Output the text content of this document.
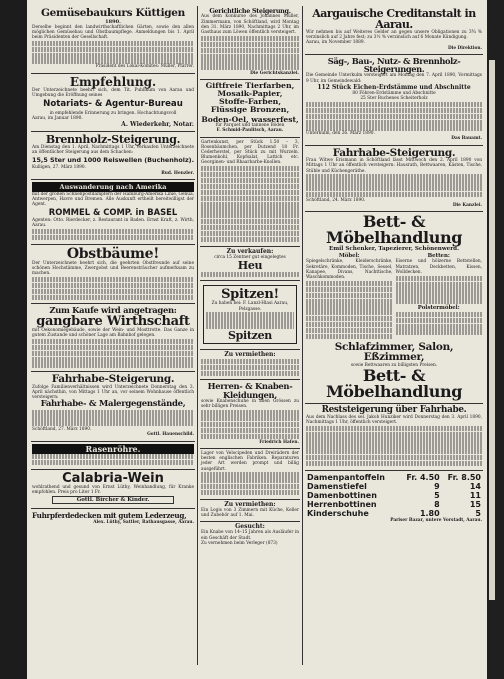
Gemüsebaukurs Küttigen
1890.
Derselbe beginnt den landwirthschaftlichen Gärten, sowie den allen möglichen Gemüsebau und Obstbaumpflege. Anmeldungen bis 1. April beim Präsidenten der Gesellschaft.
Präsident des Lokal-Komites: Müller, Pfarrer.
Empfehlung.
Der Unterzeichnete beehrt sich, dem Tit. Publikum von Aarau und Umgebung die Eröffnung seines
Notariats- & Agentur-Bureau
in empfehlende Erinnerung zu bringen. Hochachtungsvoll
Aarau, im Januar 1890.
A. Wiederkehr, Notar.
Brennholz-Steigerung.
Am Dienstag den 1. April, Nachmittags 1 Uhr, verkaufen Unterzeichnete an öffentlicher Steigerung aus dem Schachen:
15,5 Ster und 1000 Reiswellen (Buchenholz).
Kulligen, 27. März 1890.
Rud. Henzler.
Auswanderung nach Amerika
mit der großen Schnellpostdampfern der Hamburg-Amerika Linie, Genua, Antwerpen, Havre und Bremen. Alle Auskunft ertheilt bereitwilligst der Agent.
ROMMEL & COMP. in BASEL
Agenten: Otto. Rierdecker, z. Restaurant in Baden. Ernst Kraft, z. Wirth, Aarau.
Obstbäume!
Der Unterzeichnete beehrt sich, die geehrten Obstfreunde auf seine schönen Hochstämme, Zwergobst und Beerensträucher aufmerksam zu machen.
Zum Kaufe wird angetragen:
gangbare Wirthschaft
mit Oekonomiegebäude, sowie der Wein- und Mosttrotte. Das Ganze in gutem Zustande und schöner Lage am Bahnhof gelegen.
Fahrhabe-Steigerung.
Zufolge Familienverhältnissen wird Unterzeichnete Donnerstag den 3. April nächsthin, von Mittags 1 Uhr an, vor seinem Wohnhause öffentlich versteigern:
Fahrhabe- & Malergegenstände,
Schöftland, 27. März 1890.
Gottl. Hauenschild.
Rasenröhre.
Calabria-Wein
wohlrathend und gesund von Ernst Lüthy, Weinhandlung, für Kranke empfohlen. Preis pro Liter 1 Fr.
Gottl. Bircher & Kinder.
Fuhrpferdedecken mit gutem Lederzeug,
Alex. Lüthy, Sattler, Rathausgasse, Aarau.
Gerichtliche Steigerung.
Aus dem Konkurse des Johannes Müller, Zimmermann, von Schöftland, wird Montag den 31. März 1890, Nachmittags 2 Uhr, im Gasthaus zum Löwen öffentlich versteigert.
Die Gerichtskanzlei.
Giftfreie Tierfarben,
Mosaik-Papier,
Stoffe-Farben,
Flüssige Bronzen,
Boden-Oel, wasserfest,
für Parquet und tannene Böden
F. Schmid-Paulitsch, Aarau.
Gartenkunst, per Stück 1.50 – 3, Rosenbäumchen, per Dutzend 18 Fr. Cederherstel, per Stück zu mit Wurzeln. Blumenkohl, Kopfsalat, Lattich etc. Georginen- und Rhaarbarbe-Knollen.
Zu verkaufen:
circa 15 Zentner gut eingelegtes
Heu
Spitzen!
Zu haben bei: F. Lanzl-Hlasi Aarau, Pelzgasse.
Spitzen
Zu vermiethen:
Herren- & Knaben-Kleidungen,
sowie Knabenschuhe in allen Grössen zu sehr billigen Preisen.
Friedrich Hafen.
Lager von Velocipeden und Dreirädern der besten englischen Fabriken. Reparaturen jeder Art werden prompt und billig ausgeführt.
Zu vermiethen:
Ein Logis von 3 Zimmern mit Küche, Keller und Zubehör auf 1. Mai.
Gesucht:
Ein Knabe von 14–15 Jahren als Ausläufer in ein Geschäft der Stadt.
Zu vernehmen beim Verleger (873)
Aargauische Creditanstalt in Aarau.
Wir nehmen bis auf Weiteres Gelder an gegen unsere Obligationen zu 3¾ % verzinslich auf 2 Jahre fest; zu 3½ % verzinslich auf 6 Monate Kündigung.
Aarau, im November 1889.
Die Direktion.
Säg-, Bau-, Nutz- & Brennholz-Steigerungen.
Die Gemeinde Unterkulm versteigert am Montag den 7. April 1890, Vormittags 9 Uhr, im Gemeindewald:
112 Stück Eichen-Erdstämme und Abschnitte
80 Föhren-Erdstämme und Abschnitte
25 Ster Buchenes Scheiterholz
Unterkulm, den 26. März 1890.
Das Bauamt.
Fahrhabe-Steigerung.
Frau Witwe Erismann in Schöftland lässt Mittwoch den 2. April 1890 von Mittags 1 Uhr an öffentlich versteigern: Hausrath, Bettwaaren, Kästen, Tische, Stühle und Küchengeräthe.
Schöftland, 24. März 1890.
Die Kanzlei.
Bett- & Möbelhandlung
Emil Schenker, Tapezierer, Schönenwerd.
Möbel:
Spiegelschränke, Kleiderschränke, Sekretäre, Kommoden, Tische, Sessel, Kanapee, Divans, Nachttische, Waschkommoden.
Betten:
Eiserne und hölzerne Bettstellen, Matratzen, Deckbetten, Kissen, Wolldecken.
Polstermöbel:
Schlafzimmer, Salon, Eßzimmer,
sowie Bettwaaren zu billigsten Preisen.
Bett- & Möbelhandlung
Reststeigerung über Fahrhabe.
Aus dem Nachlass des sel. Jakob Hunziker wird Donnerstag den 3. April 1890, Nachmittags 1 Uhr, öffentlich versteigert.
Damenpantoffeln	Fr. 4.50	Fr. 8.50
Damenstiefel	9	14
Damenbottinen	5	11
Herrenbottinen	8	15
Kinderschuhe	1.80	5
Pariser Bazar, untere Vorstadt, Aarau.
